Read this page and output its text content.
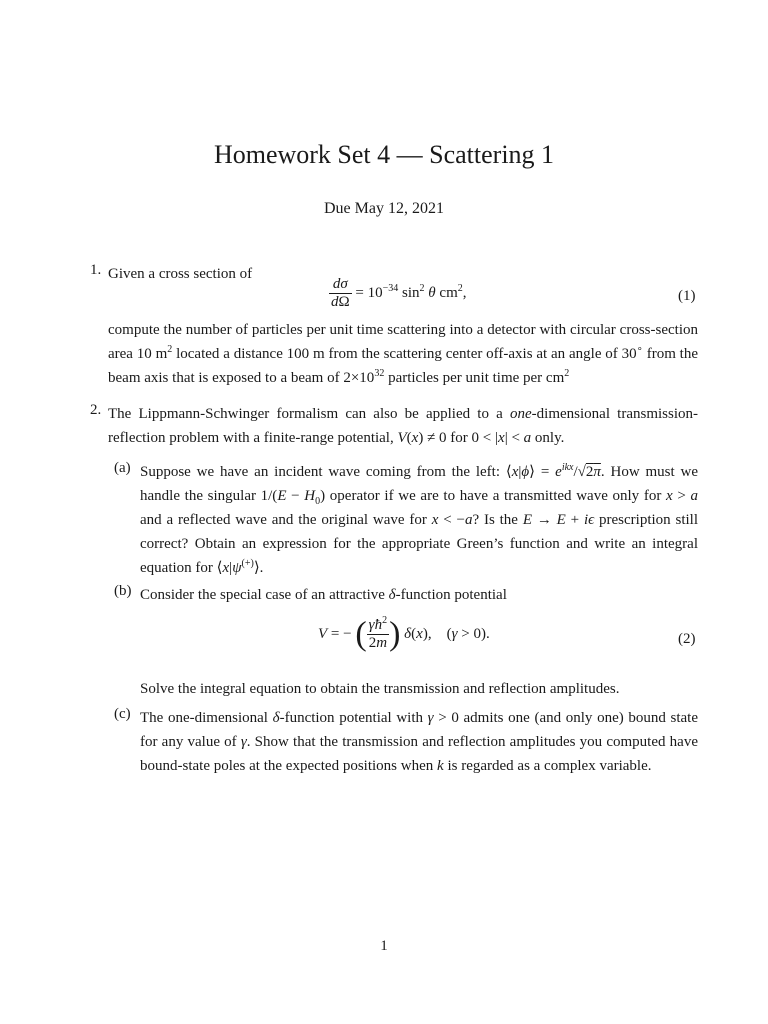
Homework Set 4 — Scattering 1
Due May 12, 2021
1. Given a cross section of
$\frac{d\sigma}{d\Omega} = 10^{-34}$ $\sin^2 \theta$ $cm^2$,	(1)
compute the number of particles per unit time scattering into a detector with circular cross-section area 10 $m^2$ located a distance 100 m from the scattering center off-axis at an angle of 30∘ from the beam axis that is exposed to a beam of $2\times 10^{32}$ particles per unit time per $cm^2$
2. The Lippmann-Schwinger formalism can also be applied to a one-dimensional transmission-reflection problem with a finite-range potential, V(x) ≠ 0 for 0 < |x| < a only.
(a) Suppose we have an incident wave coming from the left: ⟨x|ϕ⟩ = $e^{ikx}/√2\pi$. How must we handle the singular $1/(E - H_0)$ operator if we are to have a transmitted wave only for x > a and a reflected wave and the original wave for x < −a? Is the E → E + iϵ prescription still correct? Obtain an expression for the appropriate Green’s function and write an integral equation for ⟨x|ψ(+)⟩.
(b) Consider the special case of an attractive δ-function potential
V = − ( $\frac{\gamma ħ^2}{2m}$ ) δ(x),    (γ > 0).	(2)
Solve the integral equation to obtain the transmission and reflection amplitudes.
(c) The one-dimensional δ-function potential with γ > 0 admits one (and only one) bound state for any value of γ. Show that the transmission and reflection amplitudes you computed have bound-state poles at the expected positions when k is regarded as a complex variable.
1
